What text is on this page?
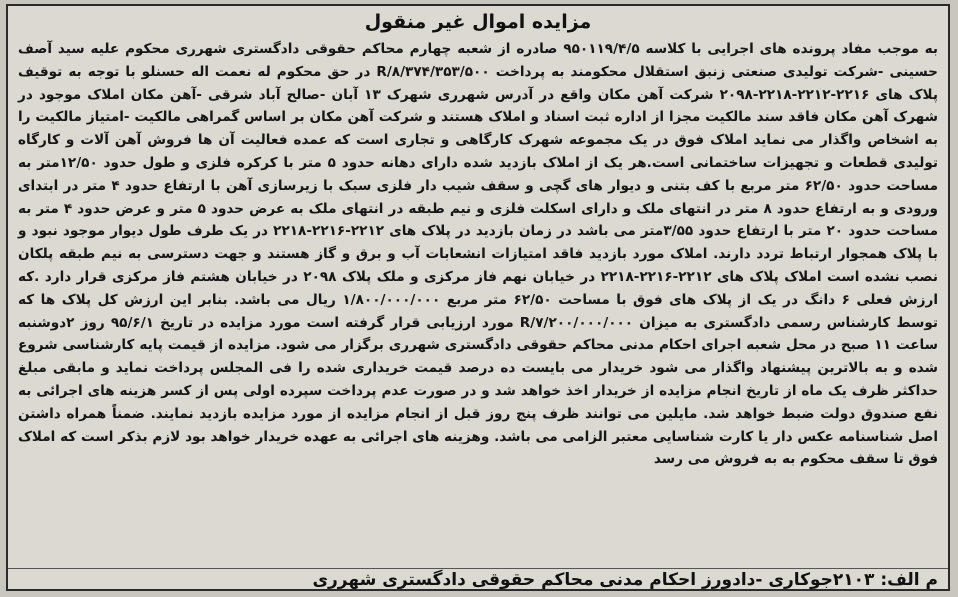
مزایده اموال غیر منقول

به موجب مفاد پرونده های اجرایی با کلاسه ۹۵۰۱۱۹/۴/۵ صادره از شعبه چهارم محاکم حقوقی دادگستری شهرری محکوم علیه سید آصف حسینی -شرکت تولیدی صنعتی زنبق استقلال محکومند به پرداخت R/۸/۳۷۴/۳۵۳/۵۰۰ در حق محکوم له نعمت اله حسنلو با توجه به توقیف پلاک های ۲۲۱۶-۲۲۱۲-۲۲۱۸-۲۰۹۸ شرکت آهن مکان واقع در آدرس شهرری شهرک ۱۳ آبان -صالح آباد شرقی -آهن مکان املاک موجود در شهرک آهن مکان فاقد سند مالکیت مجزا از اداره ثبت اسناد و املاک هستند و شرکت آهن مکان بر اساس گمراهی مالکیت -امتیاز مالکیت را به اشخاص واگذار می نماید املاک فوق در یک مجموعه شهرک کارگاهی و تجاری است که عمده فعالیت آن ها فروش آهن آلات و کارگاه تولیدی قطعات و تجهیزات ساختمانی است.هر یک از املاک بازدید شده دارای دهانه حدود ۵ متر با کرکره فلزی و طول حدود ۱۲/۵۰متر به مساحت حدود ۶۲/۵۰ متر مربع با کف بتنی و دیوار های گچی و سقف شیب دار فلزی سبک با زیرسازی آهن با ارتفاع حدود ۴ متر در ابتدای ورودی و به ارتفاع حدود ۸ متر در انتهای ملک و دارای اسکلت فلزی و نیم طبقه در انتهای ملک به عرض حدود ۵ متر و عرض حدود ۴ متر به مساحت حدود ۲۰ متر با ارتفاع حدود ۳/۵۵متر می باشد در زمان بازدید در پلاک های ۲۲۱۲-۲۲۱۶-۲۲۱۸ در یک طرف طول دیوار موجود نبود و با پلاک همجوار ارتباط تردد دارند. املاک مورد بازدید فاقد امتیازات انشعابات آب و برق و گاز هستند و جهت دسترسی به نیم طبقه پلکان نصب نشده است املاک پلاک های ۲۲۱۲-۲۲۱۶-۲۲۱۸ در خیابان نهم فاز مرکزی و ملک پلاک ۲۰۹۸ در خیابان هشتم فاز مرکزی قرار دارد .که ارزش فعلی ۶ دانگ در یک از پلاک های فوق با مساحت ۶۲/۵۰ متر مربع ۱/۸۰۰/۰۰۰/۰۰۰ ریال می باشد. بنابر این ارزش کل پلاک ها که توسط کارشناس رسمی دادگستری به میزان R/۷/۲۰۰/۰۰۰/۰۰۰ مورد ارزیابی قرار گرفته است مورد مزایده در تاریخ ۹۵/۶/۱ روز ۲دوشنبه ساعت ۱۱ صبح در محل شعبه اجرای احکام مدنی محاکم حقوقی دادگستری شهرری برگزار می شود. مزایده از قیمت پایه کارشناسی شروع شده و به بالاترین پیشنهاد واگذار می شود خریدار می بایست ده درصد قیمت خریداری شده را فی المجلس پرداخت نماید و مابقی مبلغ حداکثر ظرف یک ماه از تاریخ انجام مزایده از خریدار اخذ خواهد شد و در صورت عدم پرداخت سپرده اولی پس از کسر هزینه های اجرائی به نفع صندوق دولت ضبط خواهد شد. مایلین می توانند ظرف پنج روز قبل از انجام مزایده از مورد مزایده بازدید نمایند. ضمناً همراه داشتن اصل شناسنامه عکس دار یا کارت شناسایی معتبر الزامی می باشد. وهزینه های اجرائی به عهده خریدار خواهد بود لازم بذکر است که املاک فوق تا سقف محکوم به به فروش می رسد

م الف: ۲۱۰۳جوکاری -دادورز احکام مدنی محاکم حقوقی دادگستری شهرری
